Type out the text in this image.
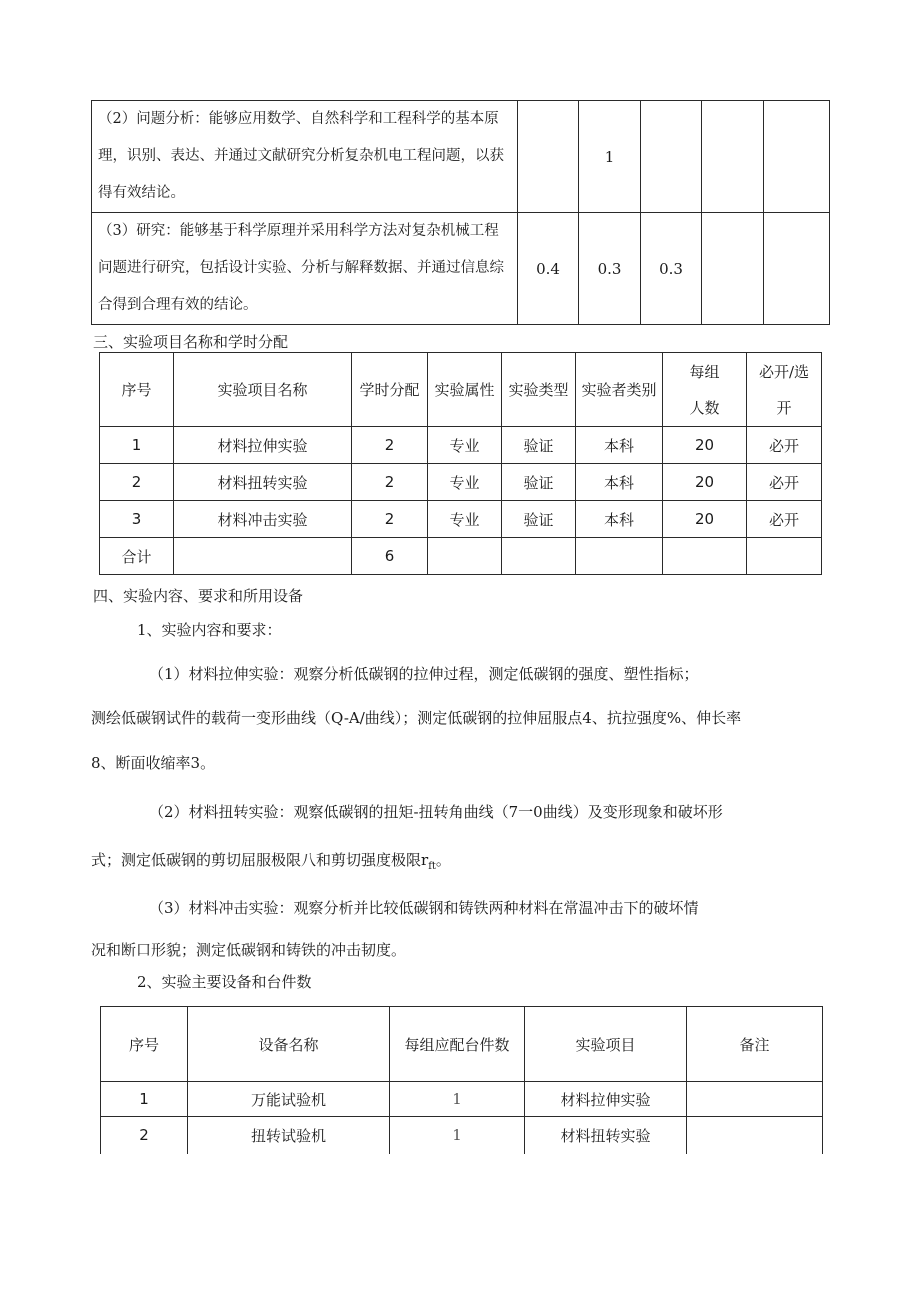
（2）问题分析：能够应用数学、自然科学和工程科学的基本原理，识别、表达、并通过文献研究分析复杂机电工程问题，以获得有效结论。		1			
（3）研究：能够基于科学原理并采用科学方法对复杂机械工程问题进行研究，包括设计实验、分析与解释数据、并通过信息综合得到合理有效的结论。	0.4	0.3	0.3		
三、实验项目名称和学时分配
序号	实验项目名称	学时分配	实验属性	实验类型	实验者类别	每组人数	必开/选开

1	材料拉伸实验	2	专业	验证	本科	20	必开
2	材料扭转实验	2	专业	验证	本科	20	必开
3	材料冲击实验	2	专业	验证	本科	20	必开
合计		6					
四、实验内容、要求和所用设备
1、实验内容和要求：
（1）材料拉伸实验：观察分析低碳钢的拉伸过程，测定低碳钢的强度、塑性指标；
测绘低碳钢试件的载荷一变形曲线（Q-A/曲线）；测定低碳钢的拉伸屈服点4、抗拉强度%、伸长率
8、断面收缩率3。
（2）材料扭转实验：观察低碳钢的扭矩-扭转角曲线（7一0曲线）及变形现象和破坏形
式；测定低碳钢的剪切屈服极限八和剪切强度极限$r_{ft}$。
（3）材料冲击实验：观察分析并比较低碳钢和铸铁两种材料在常温冲击下的破坏情
况和断口形貌；测定低碳钢和铸铁的冲击韧度。
2、实验主要设备和台件数
序号	设备名称	每组应配台件数	实验项目	备注
1	万能试验机	1	材料拉伸实验	
2	扭转试验机	1	材料扭转实验	
